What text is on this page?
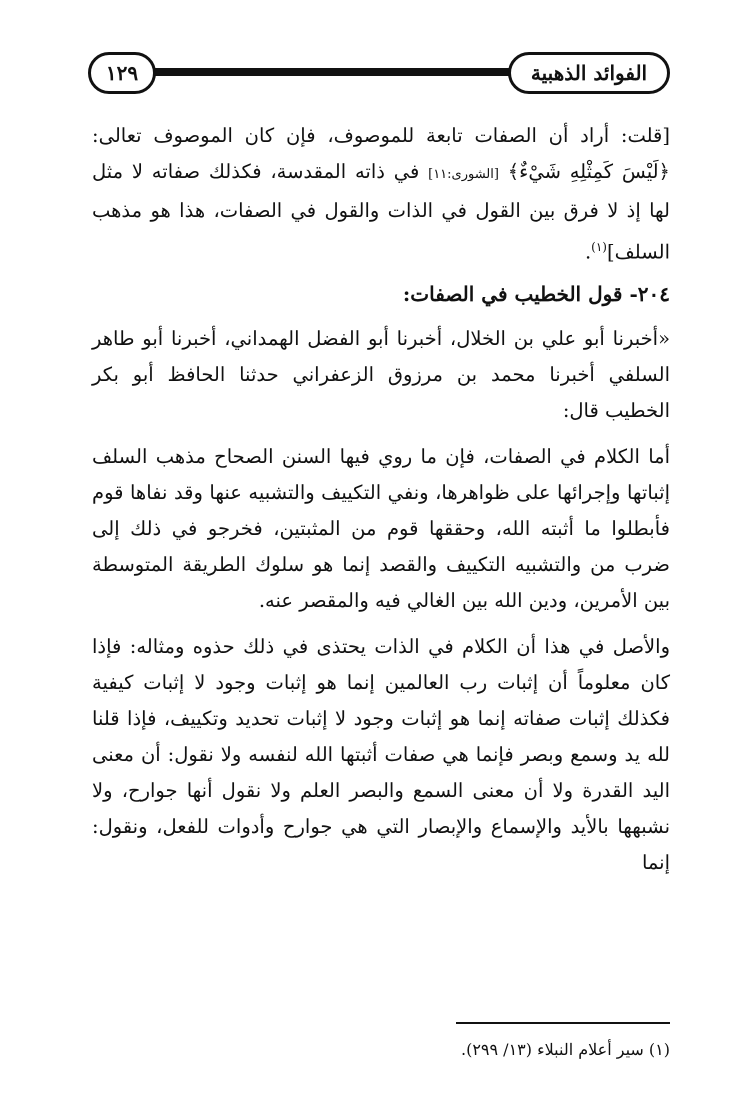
١٢٩	الفوائد الذهبية

[قلت: أراد أن الصفات تابعة للموصوف، فإن كان الموصوف تعالى: ﴿لَيْسَ كَمِثْلِهِ شَيْءٌ﴾ [الشورى:١١] في ذاته المقدسة، فكذلك صفاته لا مثل لها إذ لا فرق بين القول في الذات والقول في الصفات، هذا هو مذهب السلف]$^{(١)}$.

٢٠٤- قول الخطيب في الصفات:

«أخبرنا أبو علي بن الخلال، أخبرنا أبو الفضل الهمداني، أخبرنا أبو طاهر السلفي أخبرنا محمد بن مرزوق الزعفراني حدثنا الحافظ أبو بكر الخطيب قال:

أما الكلام في الصفات، فإن ما روي فيها السنن الصحاح مذهب السلف إثباتها وإجرائها على ظواهرها، ونفي التكييف والتشبيه عنها وقد نفاها قوم فأبطلوا ما أثبته الله، وحققها قوم من المثبتين، فخرجو في ذلك إلى ضرب من والتشبيه التكييف والقصد إنما هو سلوك الطريقة المتوسطة بين الأمرين، ودين الله بين الغالي فيه والمقصر عنه.

والأصل في هذا أن الكلام في الذات يحتذى في ذلك حذوه ومثاله: فإذا كان معلوماً أن إثبات رب العالمين إنما هو إثبات وجود لا إثبات كيفية فكذلك إثبات صفاته إنما هو إثبات وجود لا إثبات تحديد وتكييف، فإذا قلنا لله يد وسمع وبصر فإنما هي صفات أثبتها الله لنفسه ولا نقول: أن معنى اليد القدرة ولا أن معنى السمع والبصر العلم ولا نقول أنها جوارح، ولا نشبهها بالأيد والإسماع والإبصار التي هي جوارح وأدوات للفعل، ونقول: إنما

(١) سير أعلام النبلاء (١٣/ ٢٩٩).
